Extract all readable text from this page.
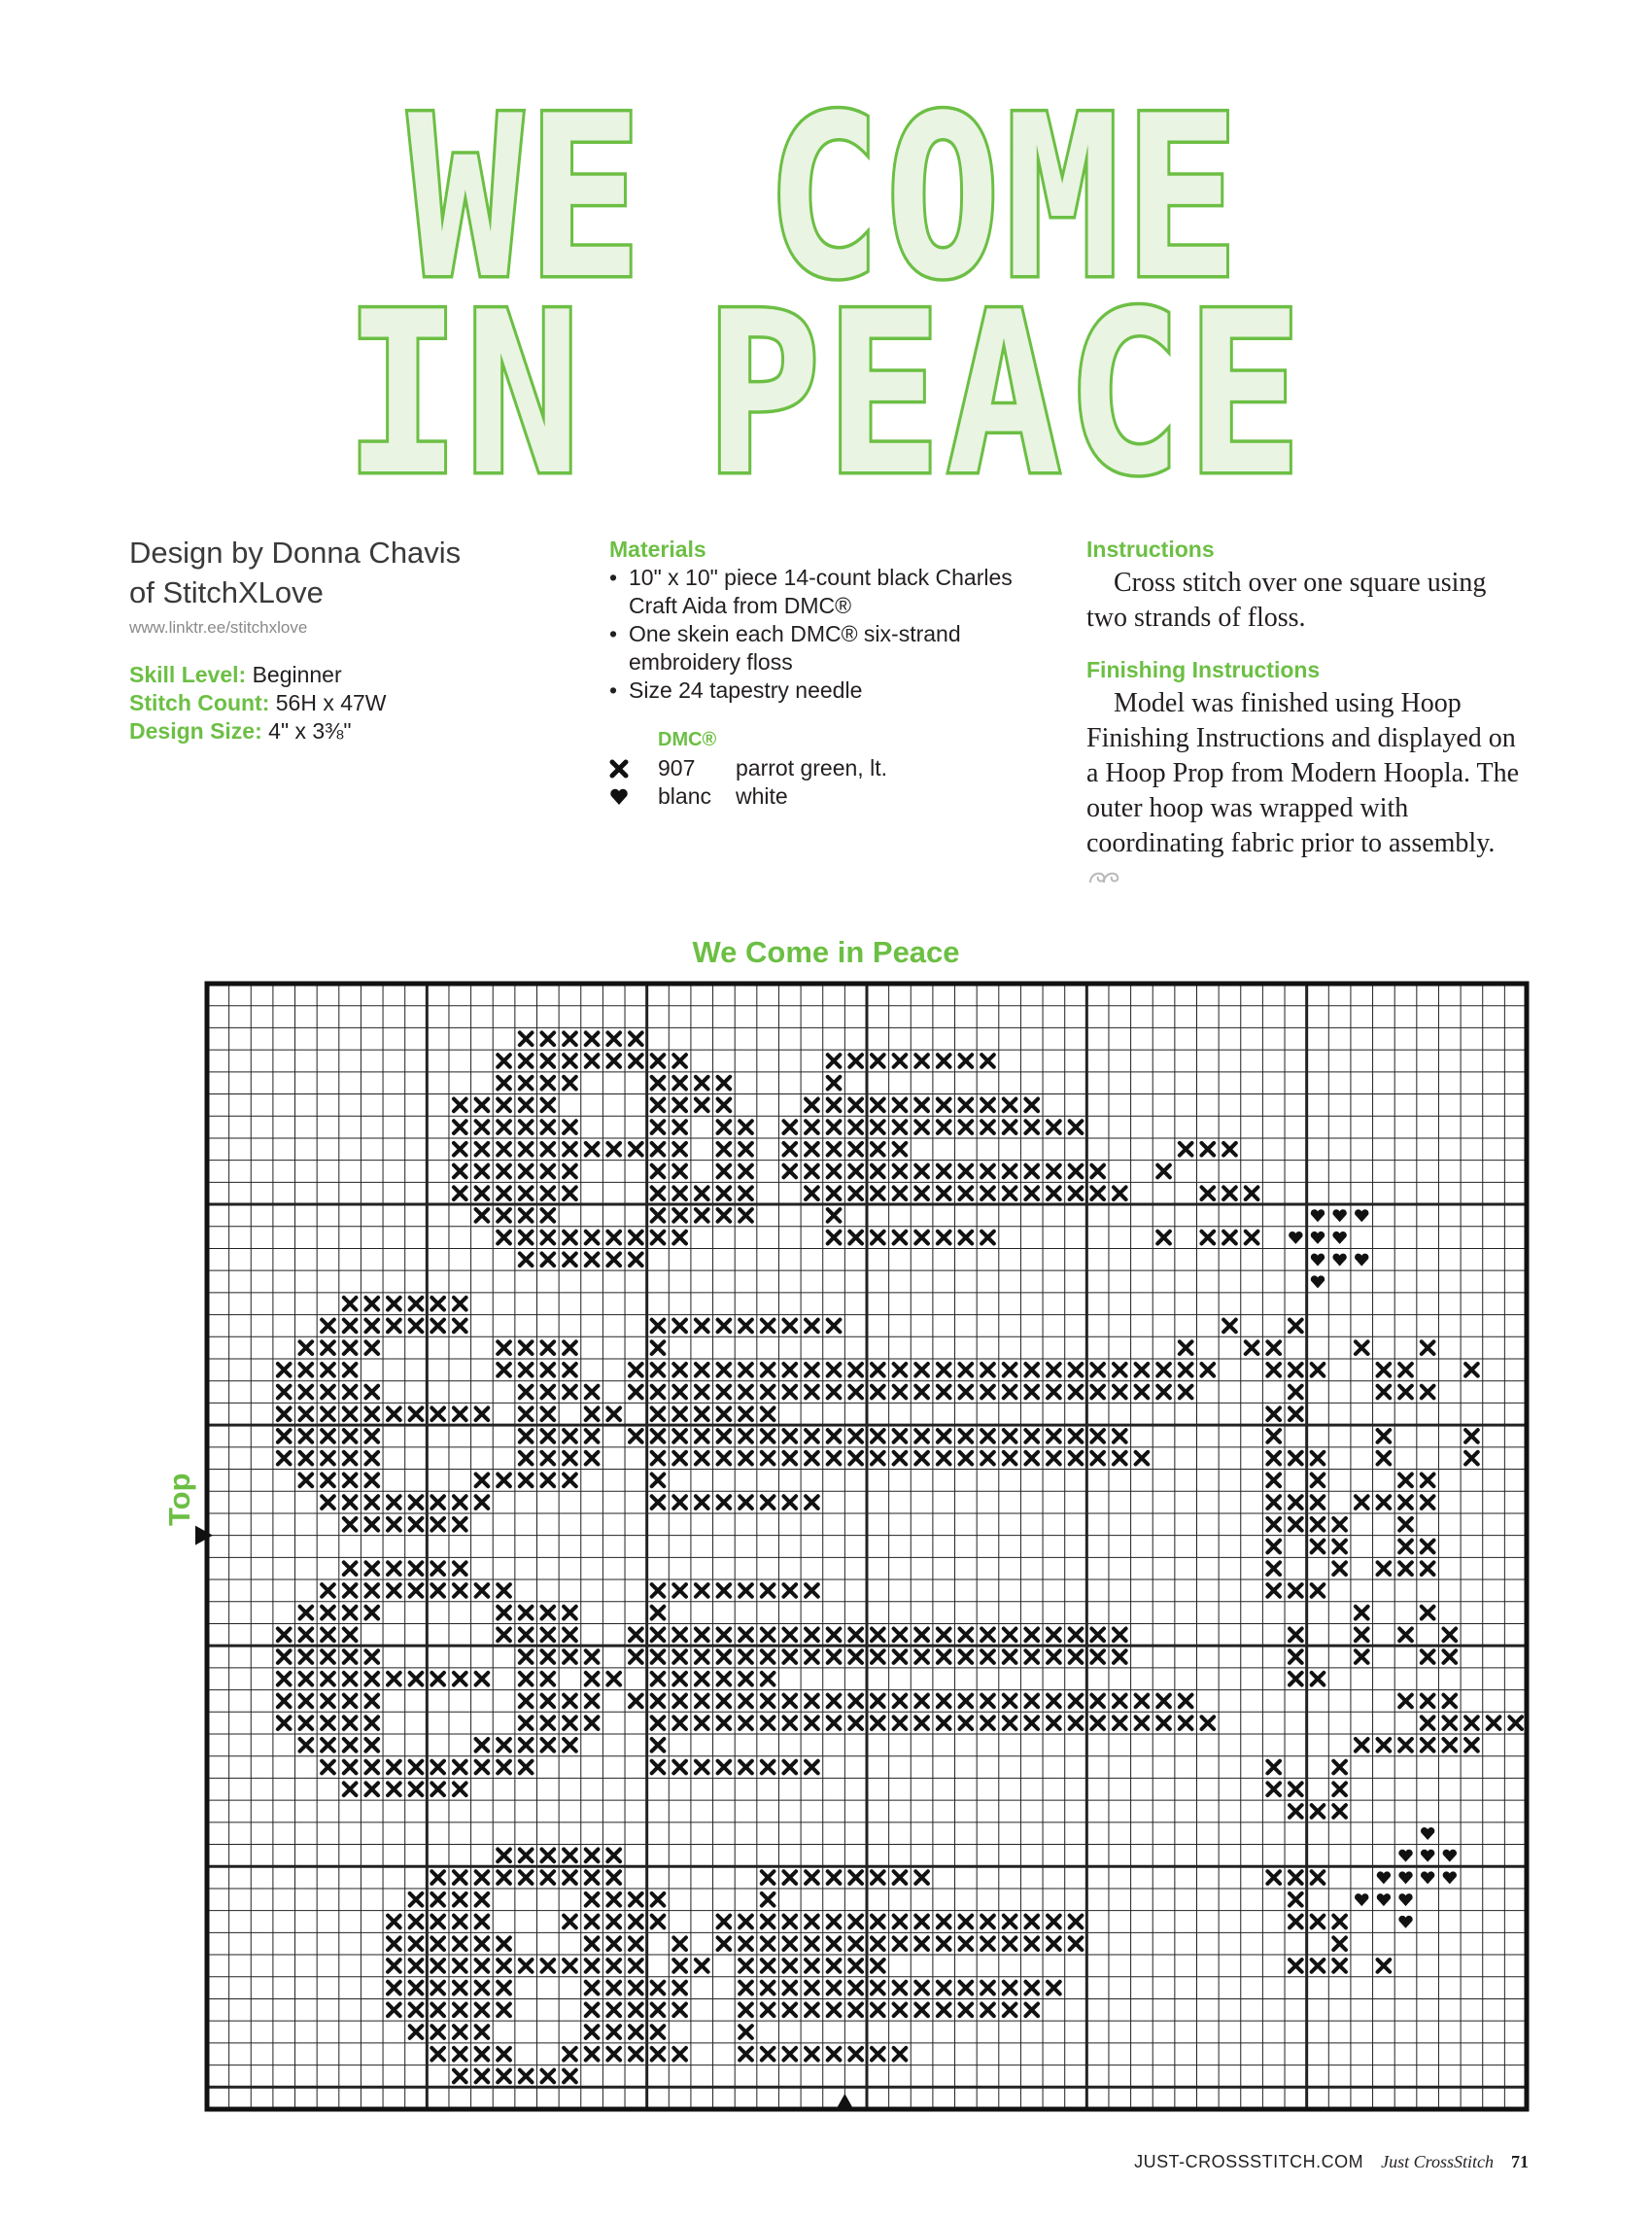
WE COME
IN PEACE
Design by Donna Chavis
of StitchXLove
www.linktr.ee/stitchxlove
Skill Level: Beginner
Stitch Count: 56H x 47W
Design Size: 4" x 3⅜"
Materials
• 10" x 10" piece 14-count black Charles Craft Aida from DMC®
• One skein each DMC® six-strand embroidery floss
• Size 24 tapestry needle
DMC®
907	parrot green, lt.
blanc	white
Instructions

Cross stitch over one square using two strands of floss.

Finishing Instructions

Model was finished using Hoop Finishing Instructions and displayed on a Hoop Prop from Modern Hoopla. The outer hoop was wrapped with coordinating fabric prior to assembly.

We Come in Peace
Top
JUST-CROSSSTITCH.COM Just CrossStitch 71
